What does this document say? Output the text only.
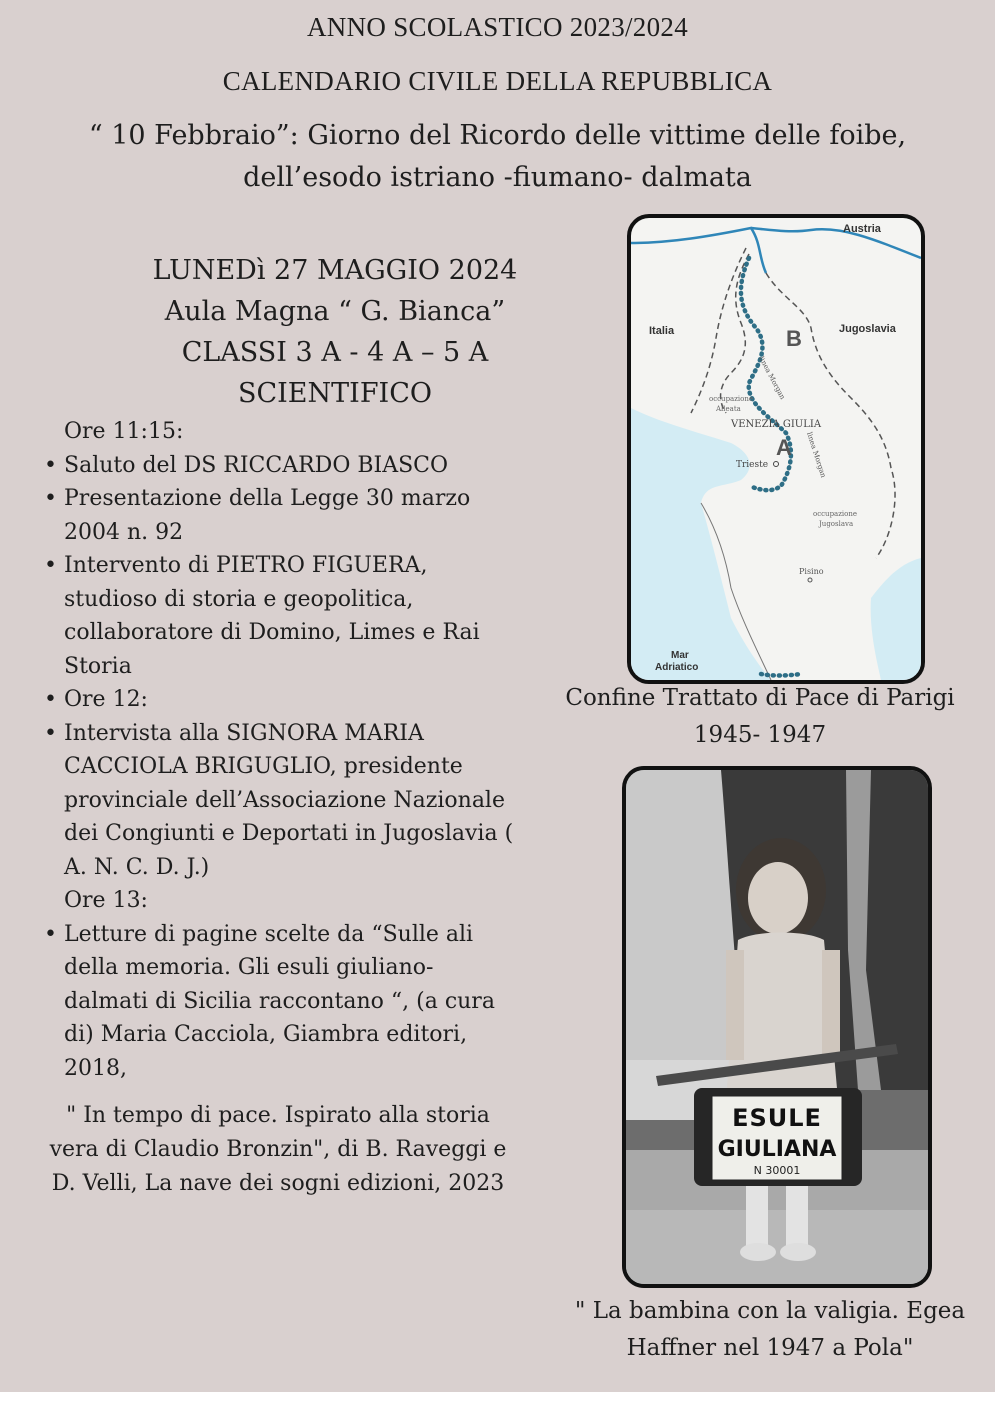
ANNO SCOLASTICO 2023/2024
CALENDARIO CIVILE DELLA REPUBBLICA
“ 10 Febbraio”: Giorno del Ricordo delle vittime delle foibe,
dell’esodo istriano -fiumano- dalmata
LUNEDì 27 MAGGIO 2024
Aula Magna “ G. Bianca”
CLASSI 3 A - 4 A – 5 A
SCIENTIFICO
Ore 11:15:
• Saluto del DS RICCARDO BIASCO
• Presentazione della Legge 30 marzo 2004 n. 92
• Intervento di PIETRO FIGUERA, studioso di storia e geopolitica, collaboratore di Domino, Limes e Rai Storia
• Ore 12:
• Intervista alla SIGNORA MARIA CACCIOLA BRIGUGLIO, presidente provinciale dell’Associazione Nazionale dei Congiunti e Deportati in Jugoslavia ( A. N. C. D. J.)
Ore 13:
• Letture di pagine scelte da “Sulle ali della memoria. Gli esuli giuliano-dalmati di Sicilia raccontano “, (a cura di) Maria Cacciola, Giambra editori, 2018,
" In tempo di pace. Ispirato alla storia vera di Claudio Bronzin", di B. Raveggi e D. Velli, La nave dei sogni edizioni, 2023
Austria
Italia	Jugoslavia
B
A
linea Morgan
linea Morgan
occupazione
Alleata
VENEZIA GIULIA
Trieste
occupazione
Jugoslava
Pisino
Mar
Adriatico
Confine Trattato di Pace di Parigi
1945- 1947
ESULE
GIULIANA
N 30001
" La bambina con la valigia. Egea
Haffner nel 1947 a Pola"
